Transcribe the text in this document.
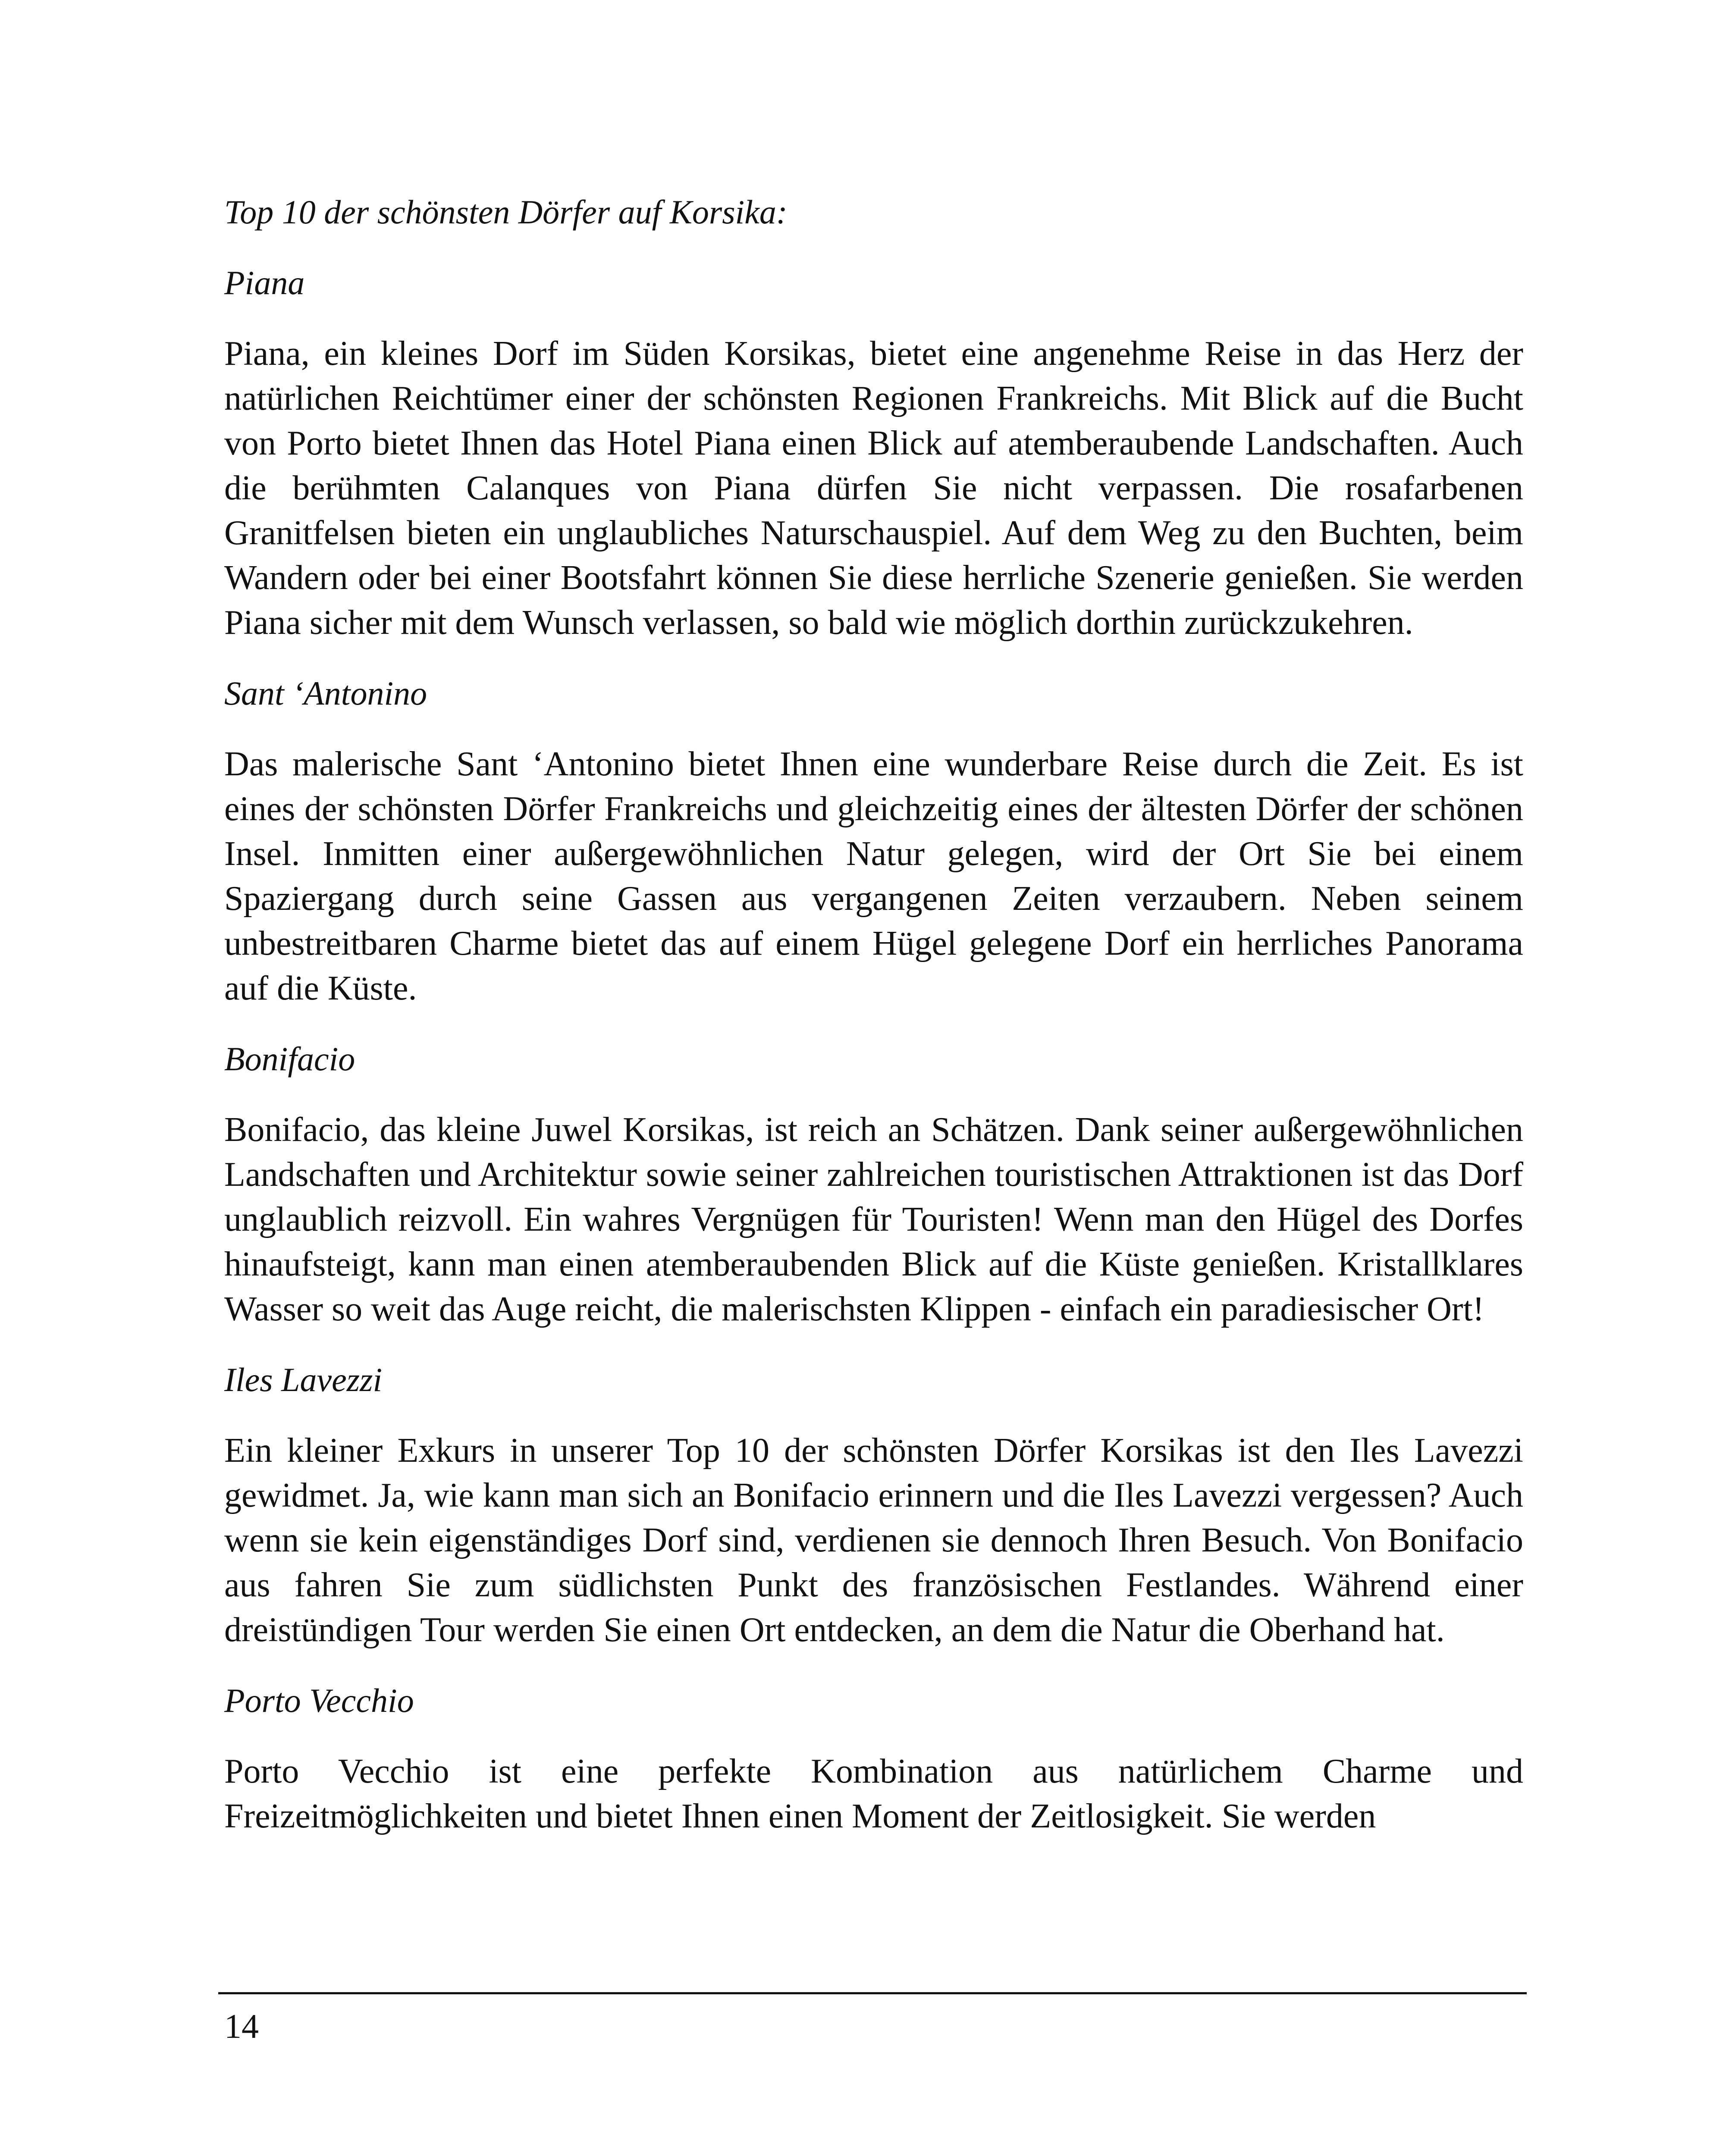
Top 10 der schönsten Dörfer auf Korsika:
Piana
Piana, ein kleines Dorf im Süden Korsikas, bietet eine angenehme Reise in das Herz der natürlichen Reichtümer einer der schönsten Regionen Frankreichs. Mit Blick auf die Bucht von Porto bietet Ihnen das Hotel Piana einen Blick auf atemberaubende Landschaften. Auch die berühmten Calanques von Piana dürfen Sie nicht verpassen. Die rosafarbenen Granitfelsen bieten ein unglaubliches Naturschauspiel. Auf dem Weg zu den Buchten, beim Wandern oder bei einer Bootsfahrt können Sie diese herrliche Szenerie genießen. Sie werden Piana sicher mit dem Wunsch verlassen, so bald wie möglich dorthin zurückzukehren.
Sant ‘Antonino
Das malerische Sant ‘Antonino bietet Ihnen eine wunderbare Reise durch die Zeit. Es ist eines der schönsten Dörfer Frankreichs und gleichzeitig eines der ältesten Dörfer der schönen Insel. Inmitten einer außergewöhnlichen Natur gelegen, wird der Ort Sie bei einem Spaziergang durch seine Gassen aus vergangenen Zeiten verzaubern. Neben seinem unbestreitbaren Charme bietet das auf einem Hügel gelegene Dorf ein herrliches Panorama auf die Küste.
Bonifacio
Bonifacio, das kleine Juwel Korsikas, ist reich an Schätzen. Dank seiner außergewöhnlichen Landschaften und Architektur sowie seiner zahlreichen touristischen Attraktionen ist das Dorf unglaublich reizvoll. Ein wahres Vergnügen für Touristen! Wenn man den Hügel des Dorfes hinaufsteigt, kann man einen atemberaubenden Blick auf die Küste genießen. Kristallklares Wasser so weit das Auge reicht, die malerischsten Klippen - einfach ein paradiesischer Ort!
Iles Lavezzi
Ein kleiner Exkurs in unserer Top 10 der schönsten Dörfer Korsikas ist den Iles Lavezzi gewidmet. Ja, wie kann man sich an Bonifacio erinnern und die Iles Lavezzi vergessen? Auch wenn sie kein eigenständiges Dorf sind, verdienen sie dennoch Ihren Besuch. Von Bonifacio aus fahren Sie zum südlichsten Punkt des französischen Festlandes. Während einer dreistündigen Tour werden Sie einen Ort entdecken, an dem die Natur die Oberhand hat.
Porto Vecchio
Porto Vecchio ist eine perfekte Kombination aus natürlichem Charme und Freizeitmöglichkeiten und bietet Ihnen einen Moment der Zeitlosigkeit. Sie werden
14
